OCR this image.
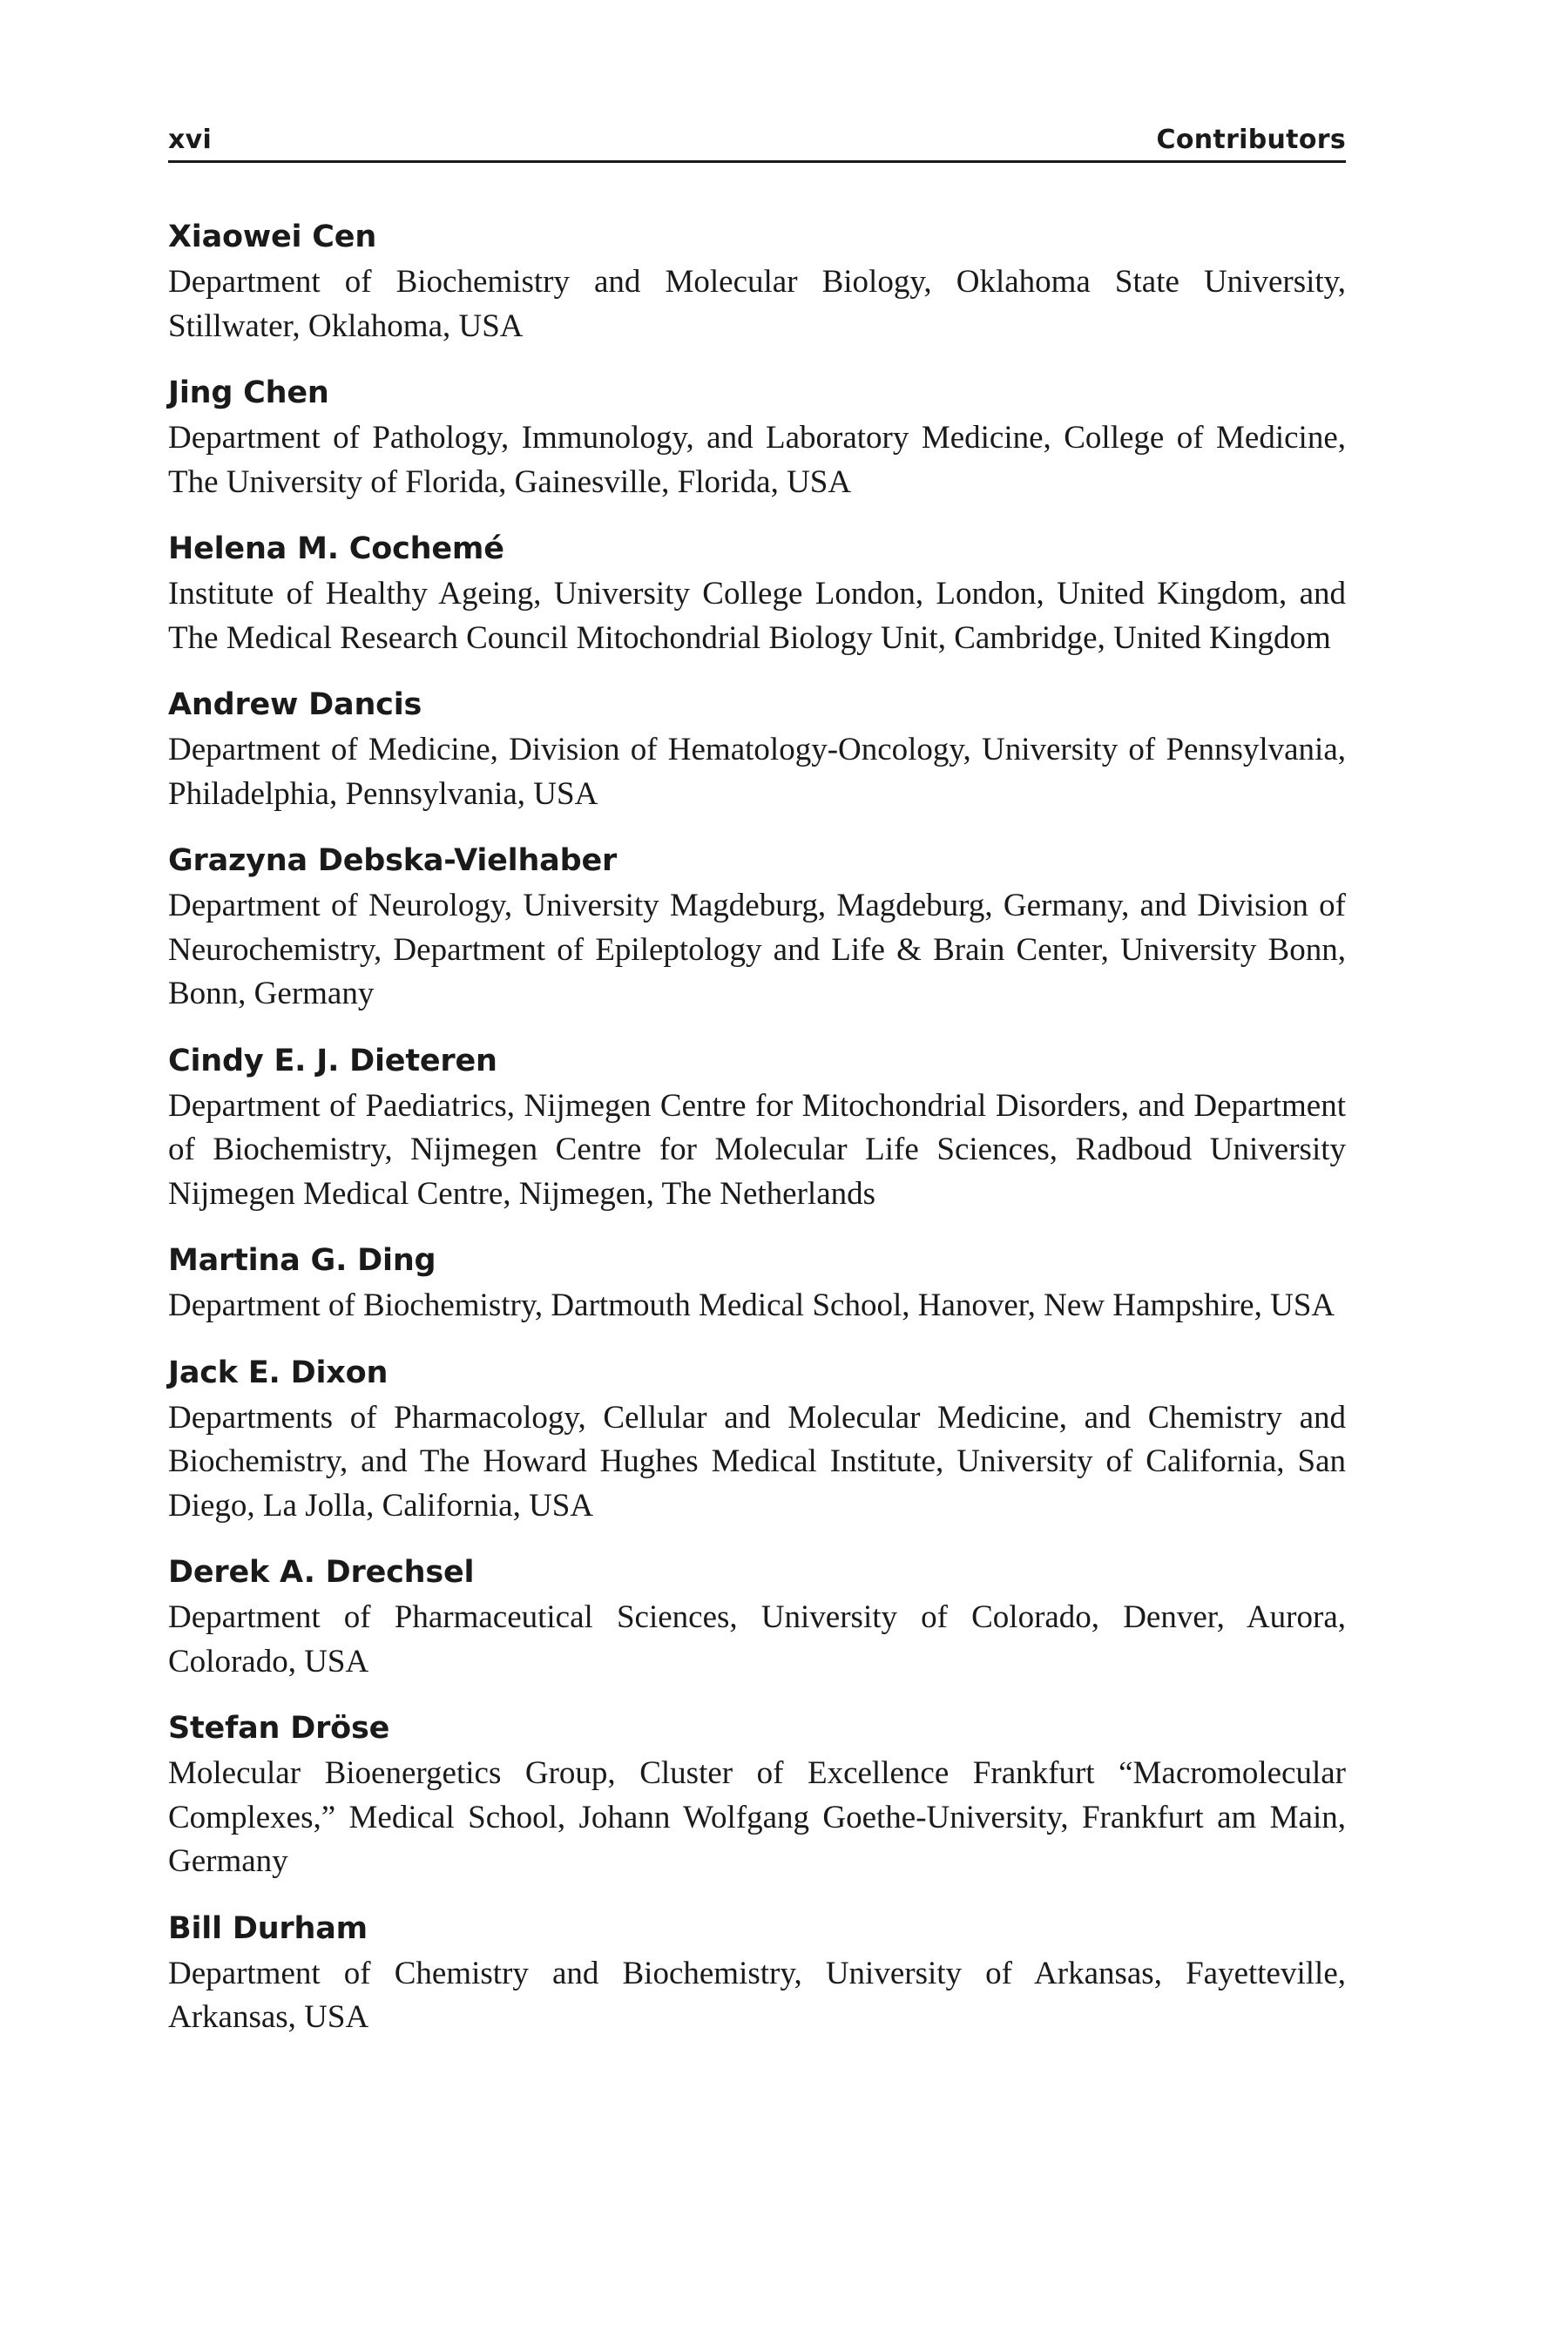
xvi	Contributors
Xiaowei Cen
Department of Biochemistry and Molecular Biology, Oklahoma State University, Stillwater, Oklahoma, USA
Jing Chen
Department of Pathology, Immunology, and Laboratory Medicine, College of Medicine, The University of Florida, Gainesville, Florida, USA
Helena M. Cochemé
Institute of Healthy Ageing, University College London, London, United Kingdom, and The Medical Research Council Mitochondrial Biology Unit, Cambridge, United Kingdom
Andrew Dancis
Department of Medicine, Division of Hematology-Oncology, University of Pennsylvania, Philadelphia, Pennsylvania, USA
Grazyna Debska-Vielhaber
Department of Neurology, University Magdeburg, Magdeburg, Germany, and Division of Neurochemistry, Department of Epileptology and Life & Brain Center, University Bonn, Bonn, Germany
Cindy E. J. Dieteren
Department of Paediatrics, Nijmegen Centre for Mitochondrial Disorders, and Department of Biochemistry, Nijmegen Centre for Molecular Life Sciences, Radboud University Nijmegen Medical Centre, Nijmegen, The Netherlands
Martina G. Ding
Department of Biochemistry, Dartmouth Medical School, Hanover, New Hampshire, USA
Jack E. Dixon
Departments of Pharmacology, Cellular and Molecular Medicine, and Chemistry and Biochemistry, and The Howard Hughes Medical Institute, University of California, San Diego, La Jolla, California, USA
Derek A. Drechsel
Department of Pharmaceutical Sciences, University of Colorado, Denver, Aurora, Colorado, USA
Stefan Dröse
Molecular Bioenergetics Group, Cluster of Excellence Frankfurt “Macromolecular Complexes,” Medical School, Johann Wolfgang Goethe-University, Frankfurt am Main, Germany
Bill Durham
Department of Chemistry and Biochemistry, University of Arkansas, Fayetteville, Arkansas, USA
